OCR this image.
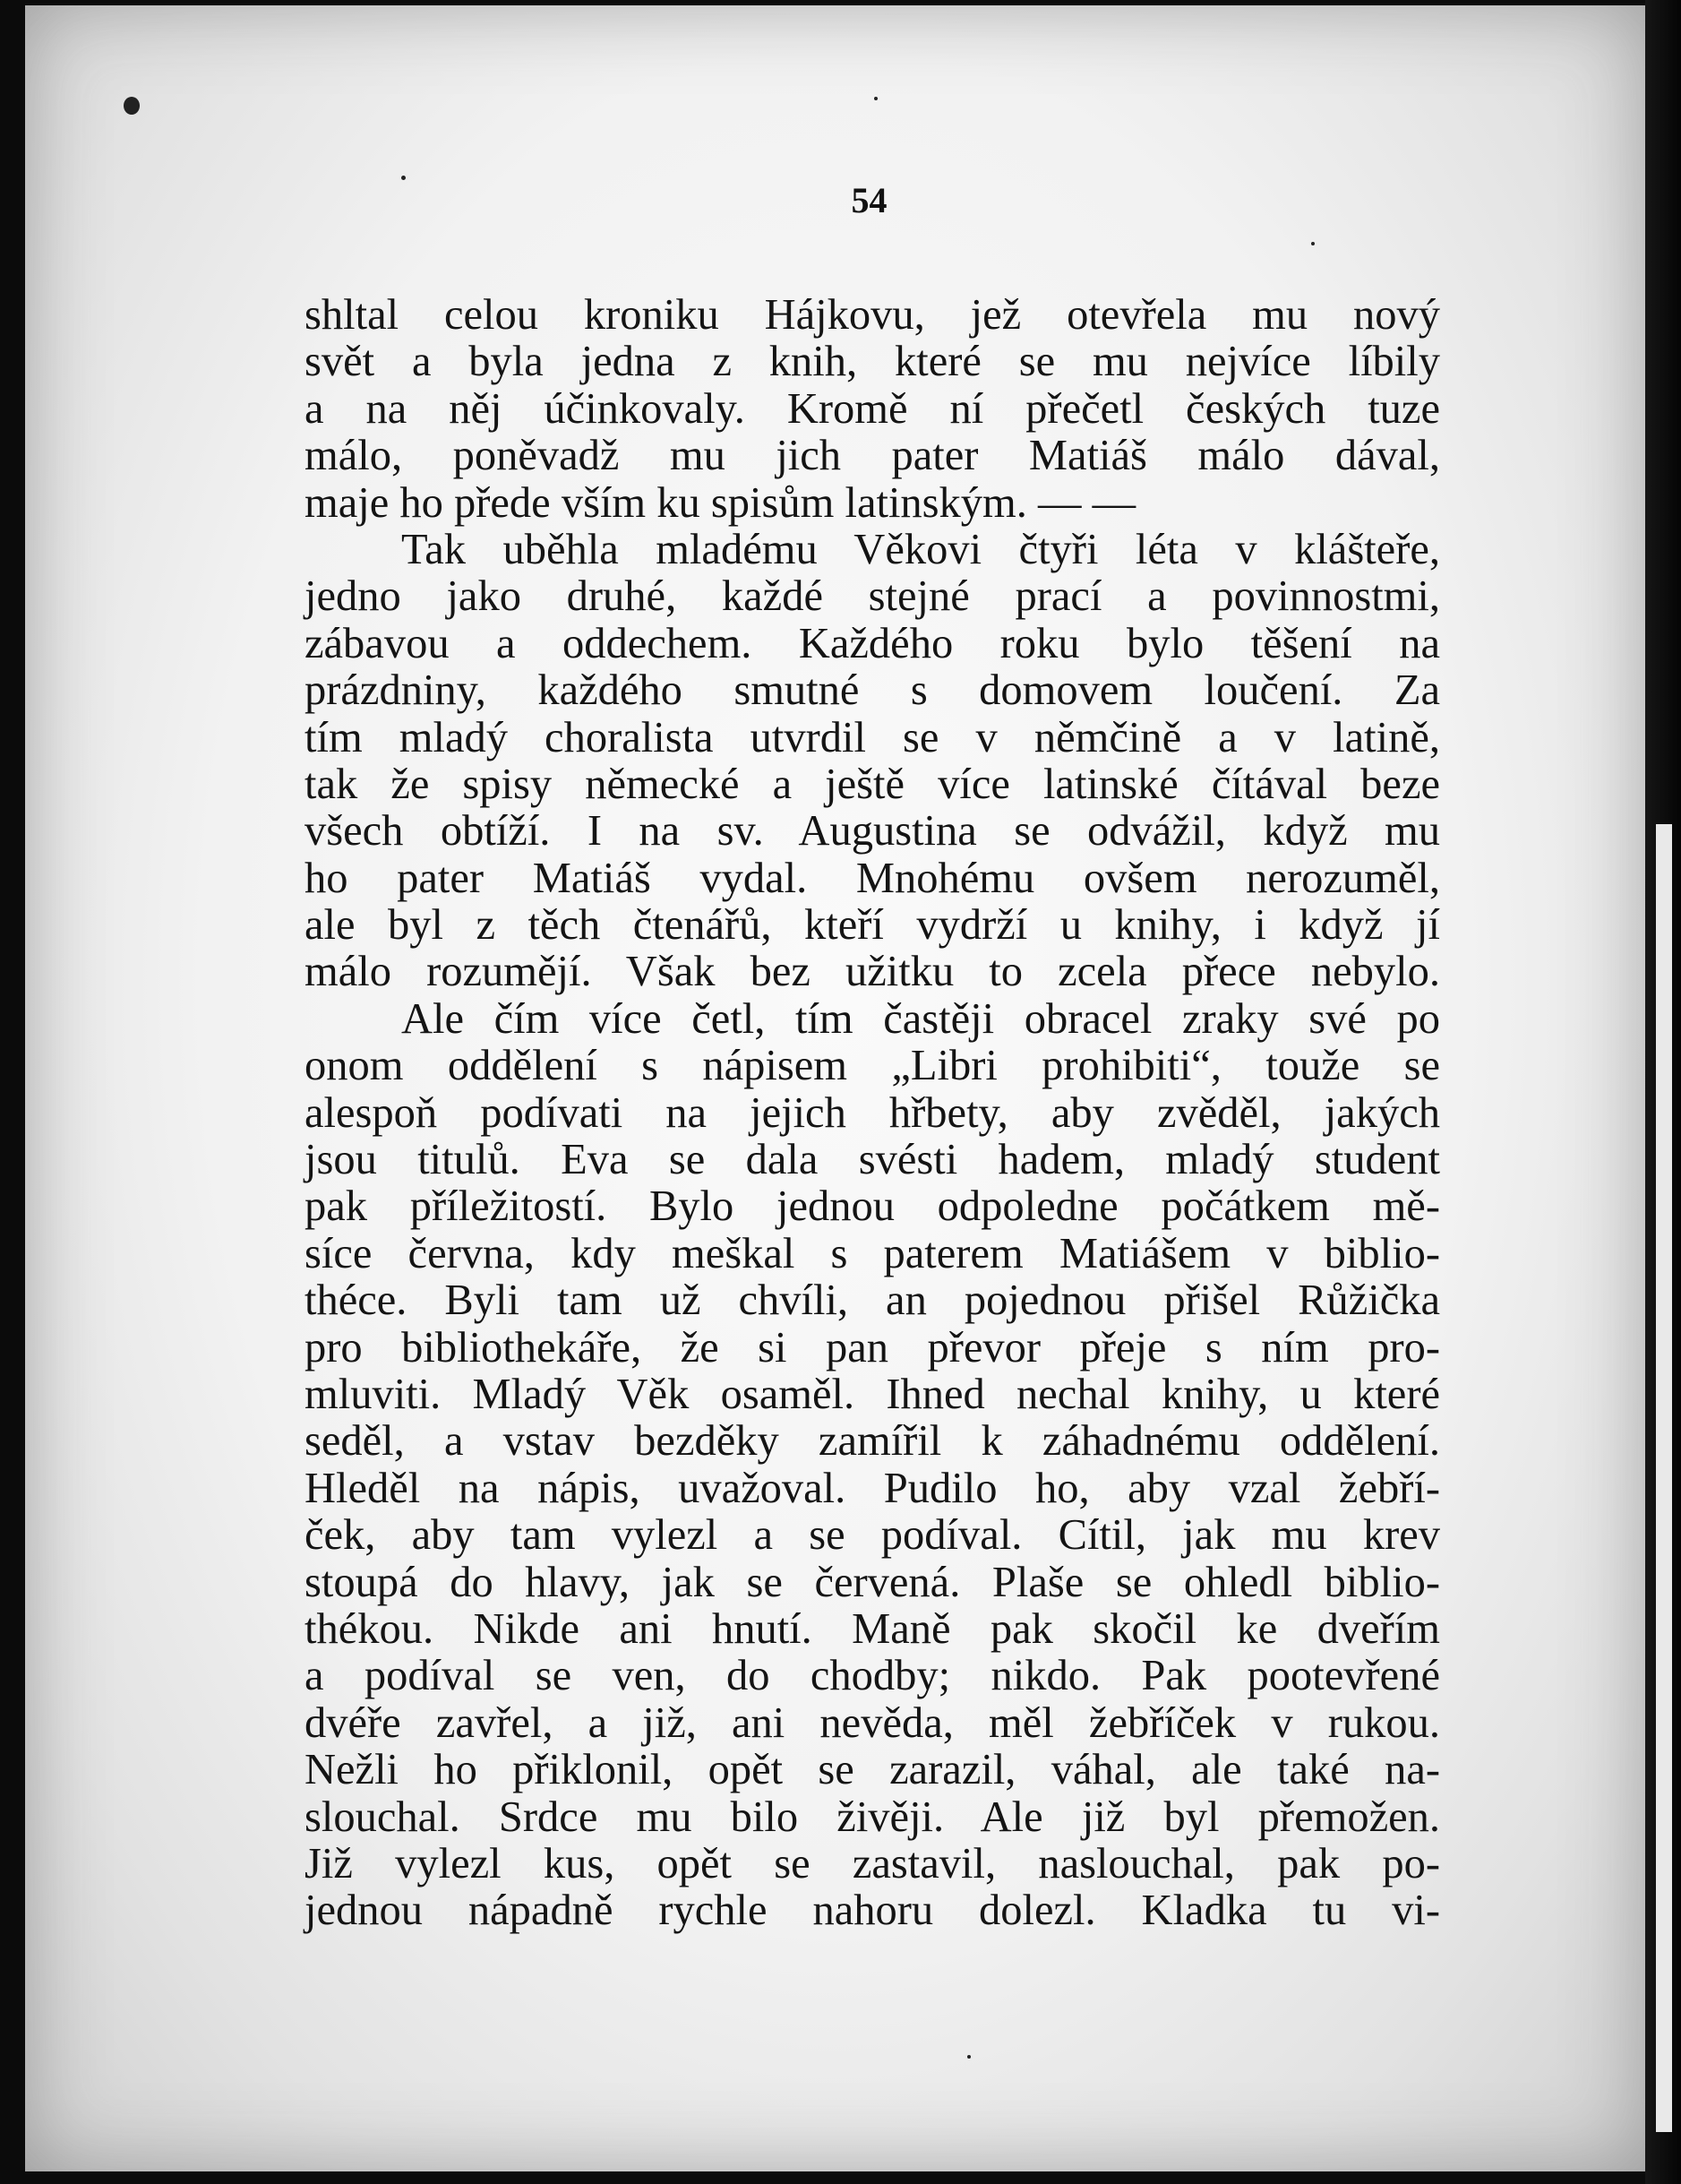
54
shltal celou kroniku Hájkovu, jež otevřela mu nový
svět a byla jedna z knih, které se mu nejvíce líbily
a na něj účinkovaly. Kromě ní přečetl českých tuze
málo, poněvadž mu jich pater Matiáš málo dával,
maje ho přede vším ku spisům latinským. — —
Tak uběhla mladému Věkovi čtyři léta v klášteře,
jedno jako druhé, každé stejné prací a povinnostmi,
zábavou a oddechem. Každého roku bylo těšení na
prázdniny, každého smutné s domovem loučení. Za
tím mladý choralista utvrdil se v němčině a v latině,
tak že spisy německé a ještě více latinské čítával beze
všech obtíží. I na sv. Augustina se odvážil, když mu
ho pater Matiáš vydal. Mnohému ovšem nerozuměl,
ale byl z těch čtenářů, kteří vydrží u knihy, i když jí
málo rozumějí. Však bez užitku to zcela přece nebylo.
Ale čím více četl, tím častěji obracel zraky své po
onom oddělení s nápisem „Libri prohibiti“, touže se
alespoň podívati na jejich hřbety, aby zvěděl, jakých
jsou titulů. Eva se dala svésti hadem, mladý student
pak příležitostí. Bylo jednou odpoledne počátkem mě-
síce června, kdy meškal s paterem Matiášem v biblio-
théce. Byli tam už chvíli, an pojednou přišel Růžička
pro bibliothekáře, že si pan převor přeje s ním pro-
mluviti. Mladý Věk osaměl. Ihned nechal knihy, u které
seděl, a vstav bezděky zamířil k záhadnému oddělení.
Hleděl na nápis, uvažoval. Pudilo ho, aby vzal žebří-
ček, aby tam vylezl a se podíval. Cítil, jak mu krev
stoupá do hlavy, jak se červená. Plaše se ohledl biblio-
thékou. Nikde ani hnutí. Maně pak skočil ke dveřím
a podíval se ven, do chodby; nikdo. Pak pootevřené
dvéře zavřel, a již, ani nevěda, měl žebříček v rukou.
Nežli ho přiklonil, opět se zarazil, váhal, ale také na-
slouchal. Srdce mu bilo živěji. Ale již byl přemožen.
Již vylezl kus, opět se zastavil, naslouchal, pak po-
jednou nápadně rychle nahoru dolezl. Kladka tu vi-
